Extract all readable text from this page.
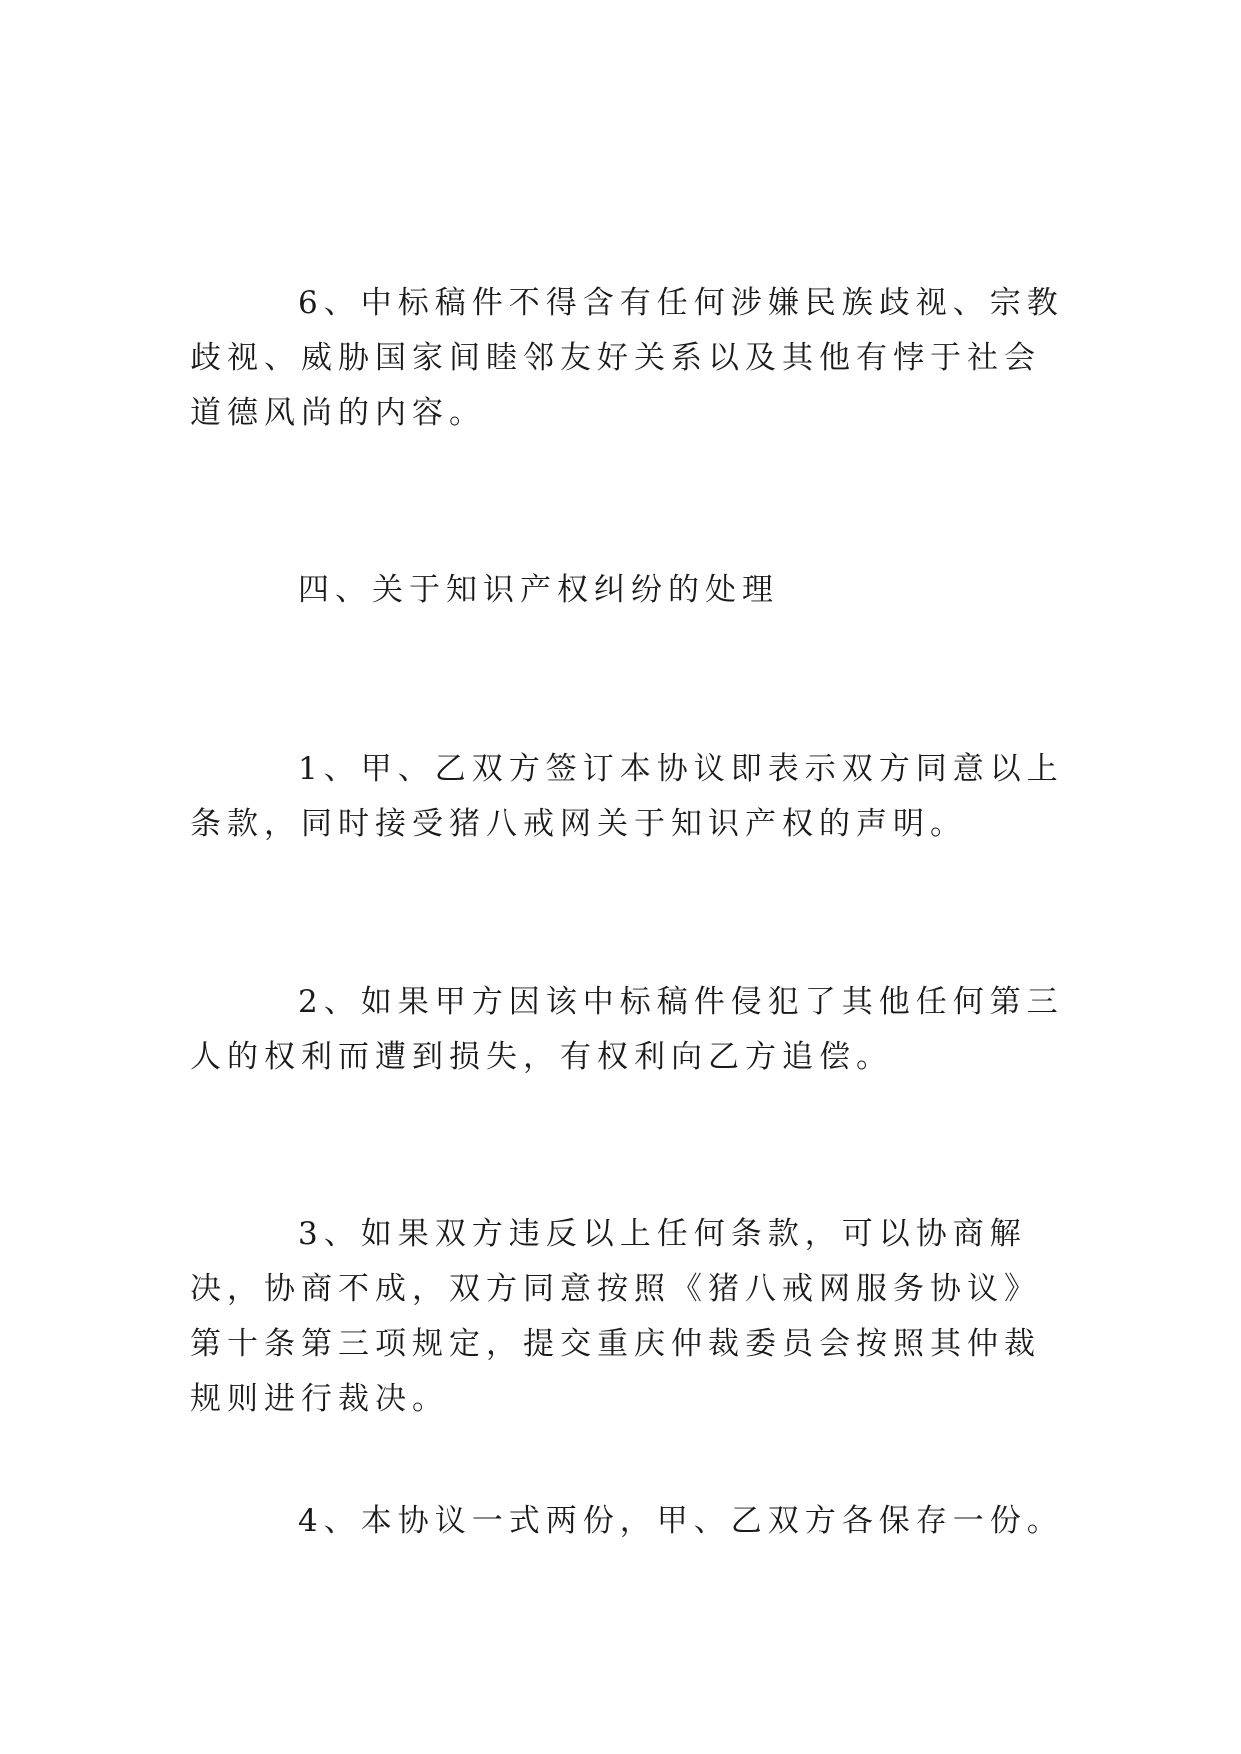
6、中标稿件不得含有任何涉嫌民族歧视、宗教歧视、威胁国家间睦邻友好关系以及其他有悖于社会道德风尚的内容。

四、关于知识产权纠纷的处理

1、甲、乙双方签订本协议即表示双方同意以上条款，同时接受猪八戒网关于知识产权的声明。

2、如果甲方因该中标稿件侵犯了其他任何第三人的权利而遭到损失，有权利向乙方追偿。

3、如果双方违反以上任何条款，可以协商解决，协商不成，双方同意按照《猪八戒网服务协议》第十条第三项规定，提交重庆仲裁委员会按照其仲裁规则进行裁决。

4、本协议一式两份，甲、乙双方各保存一份。
